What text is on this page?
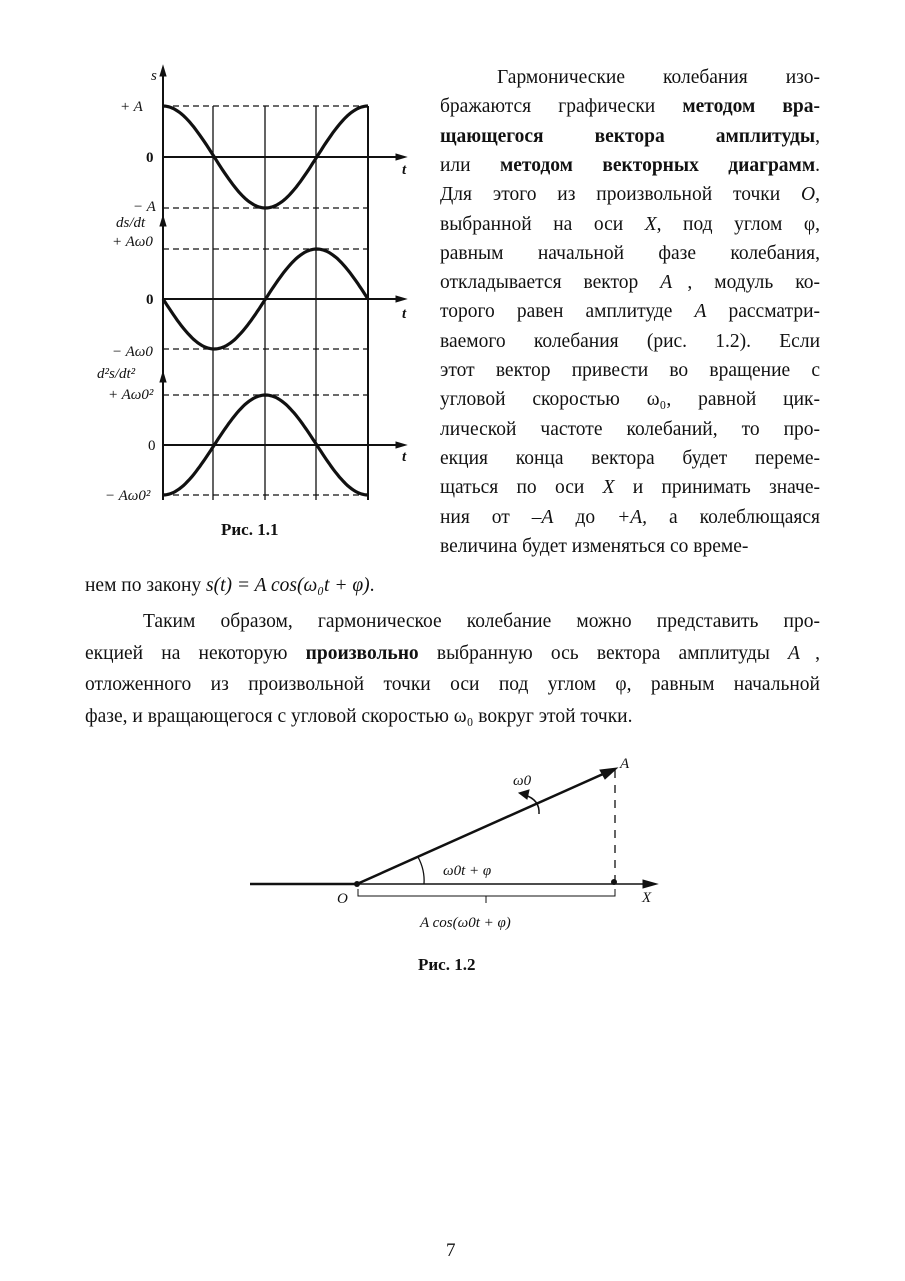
s
+ A
0
− A
t
ds/dt
+ Aω0
0
− Aω0
t
d²s/dt²
+ Aω0²
0
− Aω0²
t
Рис. 1.1
Гармонические колебания изо-
бражаются графически методом вра-
щающегося вектора амплитуды,
или методом векторных диаграмм.
Для этого из произвольной точки O,
выбранной на оси X, под углом φ,
равным начальной фазе колебания,
откладывается вектор A⃗, модуль ко-
торого равен амплитуде A рассматри-
ваемого колебания (рис. 1.2). Если
этот вектор привести во вращение с
угловой скоростью ω₀, равной цик-
лической частоте колебаний, то про-
екция конца вектора будет переме-
щаться по оси X и принимать значе-
ния от –A до +A, а колеблющаяся
величина будет изменяться со време-
нем по закону s(t) = A cos(ω₀t + φ).
Таким образом, гармоническое колебание можно представить про-
екцией на некоторую произвольно выбранную ось вектора амплитуды A⃗,
отложенного из произвольной точки оси под углом φ, равным начальной
фазе, и вращающегося с угловой скоростью ω₀ вокруг этой точки.
A⃗
ω0
ω0t + φ
O	X
A cos(ω0t + φ)
Рис. 1.2
7
